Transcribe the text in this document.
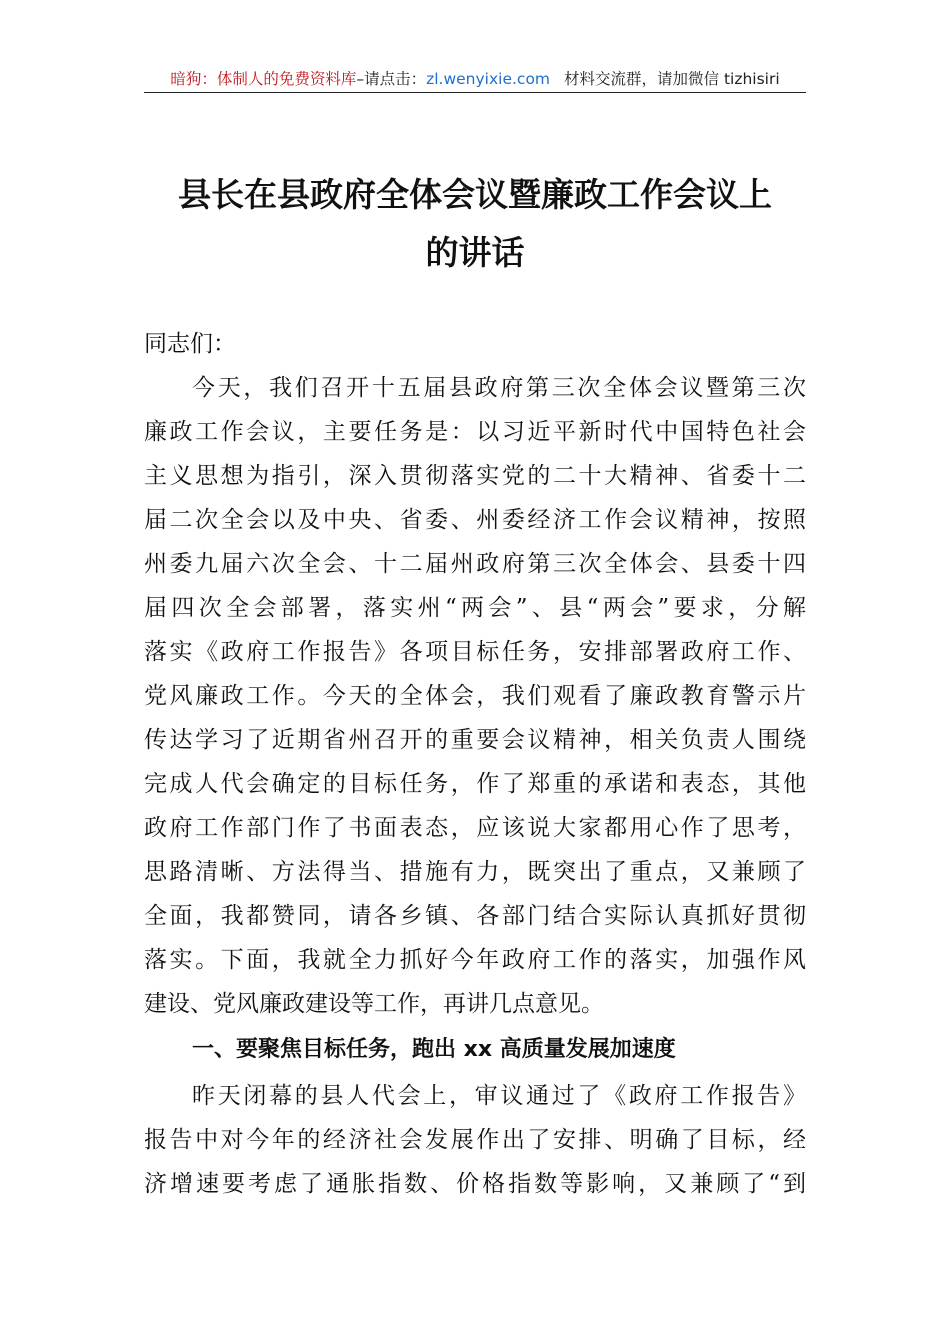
暗狗：体制人的免费资料库–请点击：zl.wenyixie.com 材料交流群，请加微信 tizhisiri
县长在县政府全体会议暨廉政工作会议上
的讲话

同志们：

今天，我们召开十五届县政府第三次全体会议暨第三次
廉政工作会议，主要任务是：以习近平新时代中国特色社会
主义思想为指引，深入贯彻落实党的二十大精神、省委十二
届二次全会以及中央、省委、州委经济工作会议精神，按照
州委九届六次全会、十二届州政府第三次全体会、县委十四
届四次全会部署，落实州“两会”、县“两会”要求，分解
落实《政府工作报告》各项目标任务，安排部署政府工作、
党风廉政工作。今天的全体会，我们观看了廉政教育警示片
传达学习了近期省州召开的重要会议精神，相关负责人围绕
完成人代会确定的目标任务，作了郑重的承诺和表态，其他
政府工作部门作了书面表态，应该说大家都用心作了思考，
思路清晰、方法得当、措施有力，既突出了重点，又兼顾了
全面，我都赞同，请各乡镇、各部门结合实际认真抓好贯彻
落实。下面，我就全力抓好今年政府工作的落实，加强作风
建设、党风廉政建设等工作，再讲几点意见。

一、要聚焦目标任务，跑出 xx 高质量发展加速度

昨天闭幕的县人代会上，审议通过了《政府工作报告》
报告中对今年的经济社会发展作出了安排、明确了目标，经
济增速要考虑了通胀指数、价格指数等影响，又兼顾了“到
